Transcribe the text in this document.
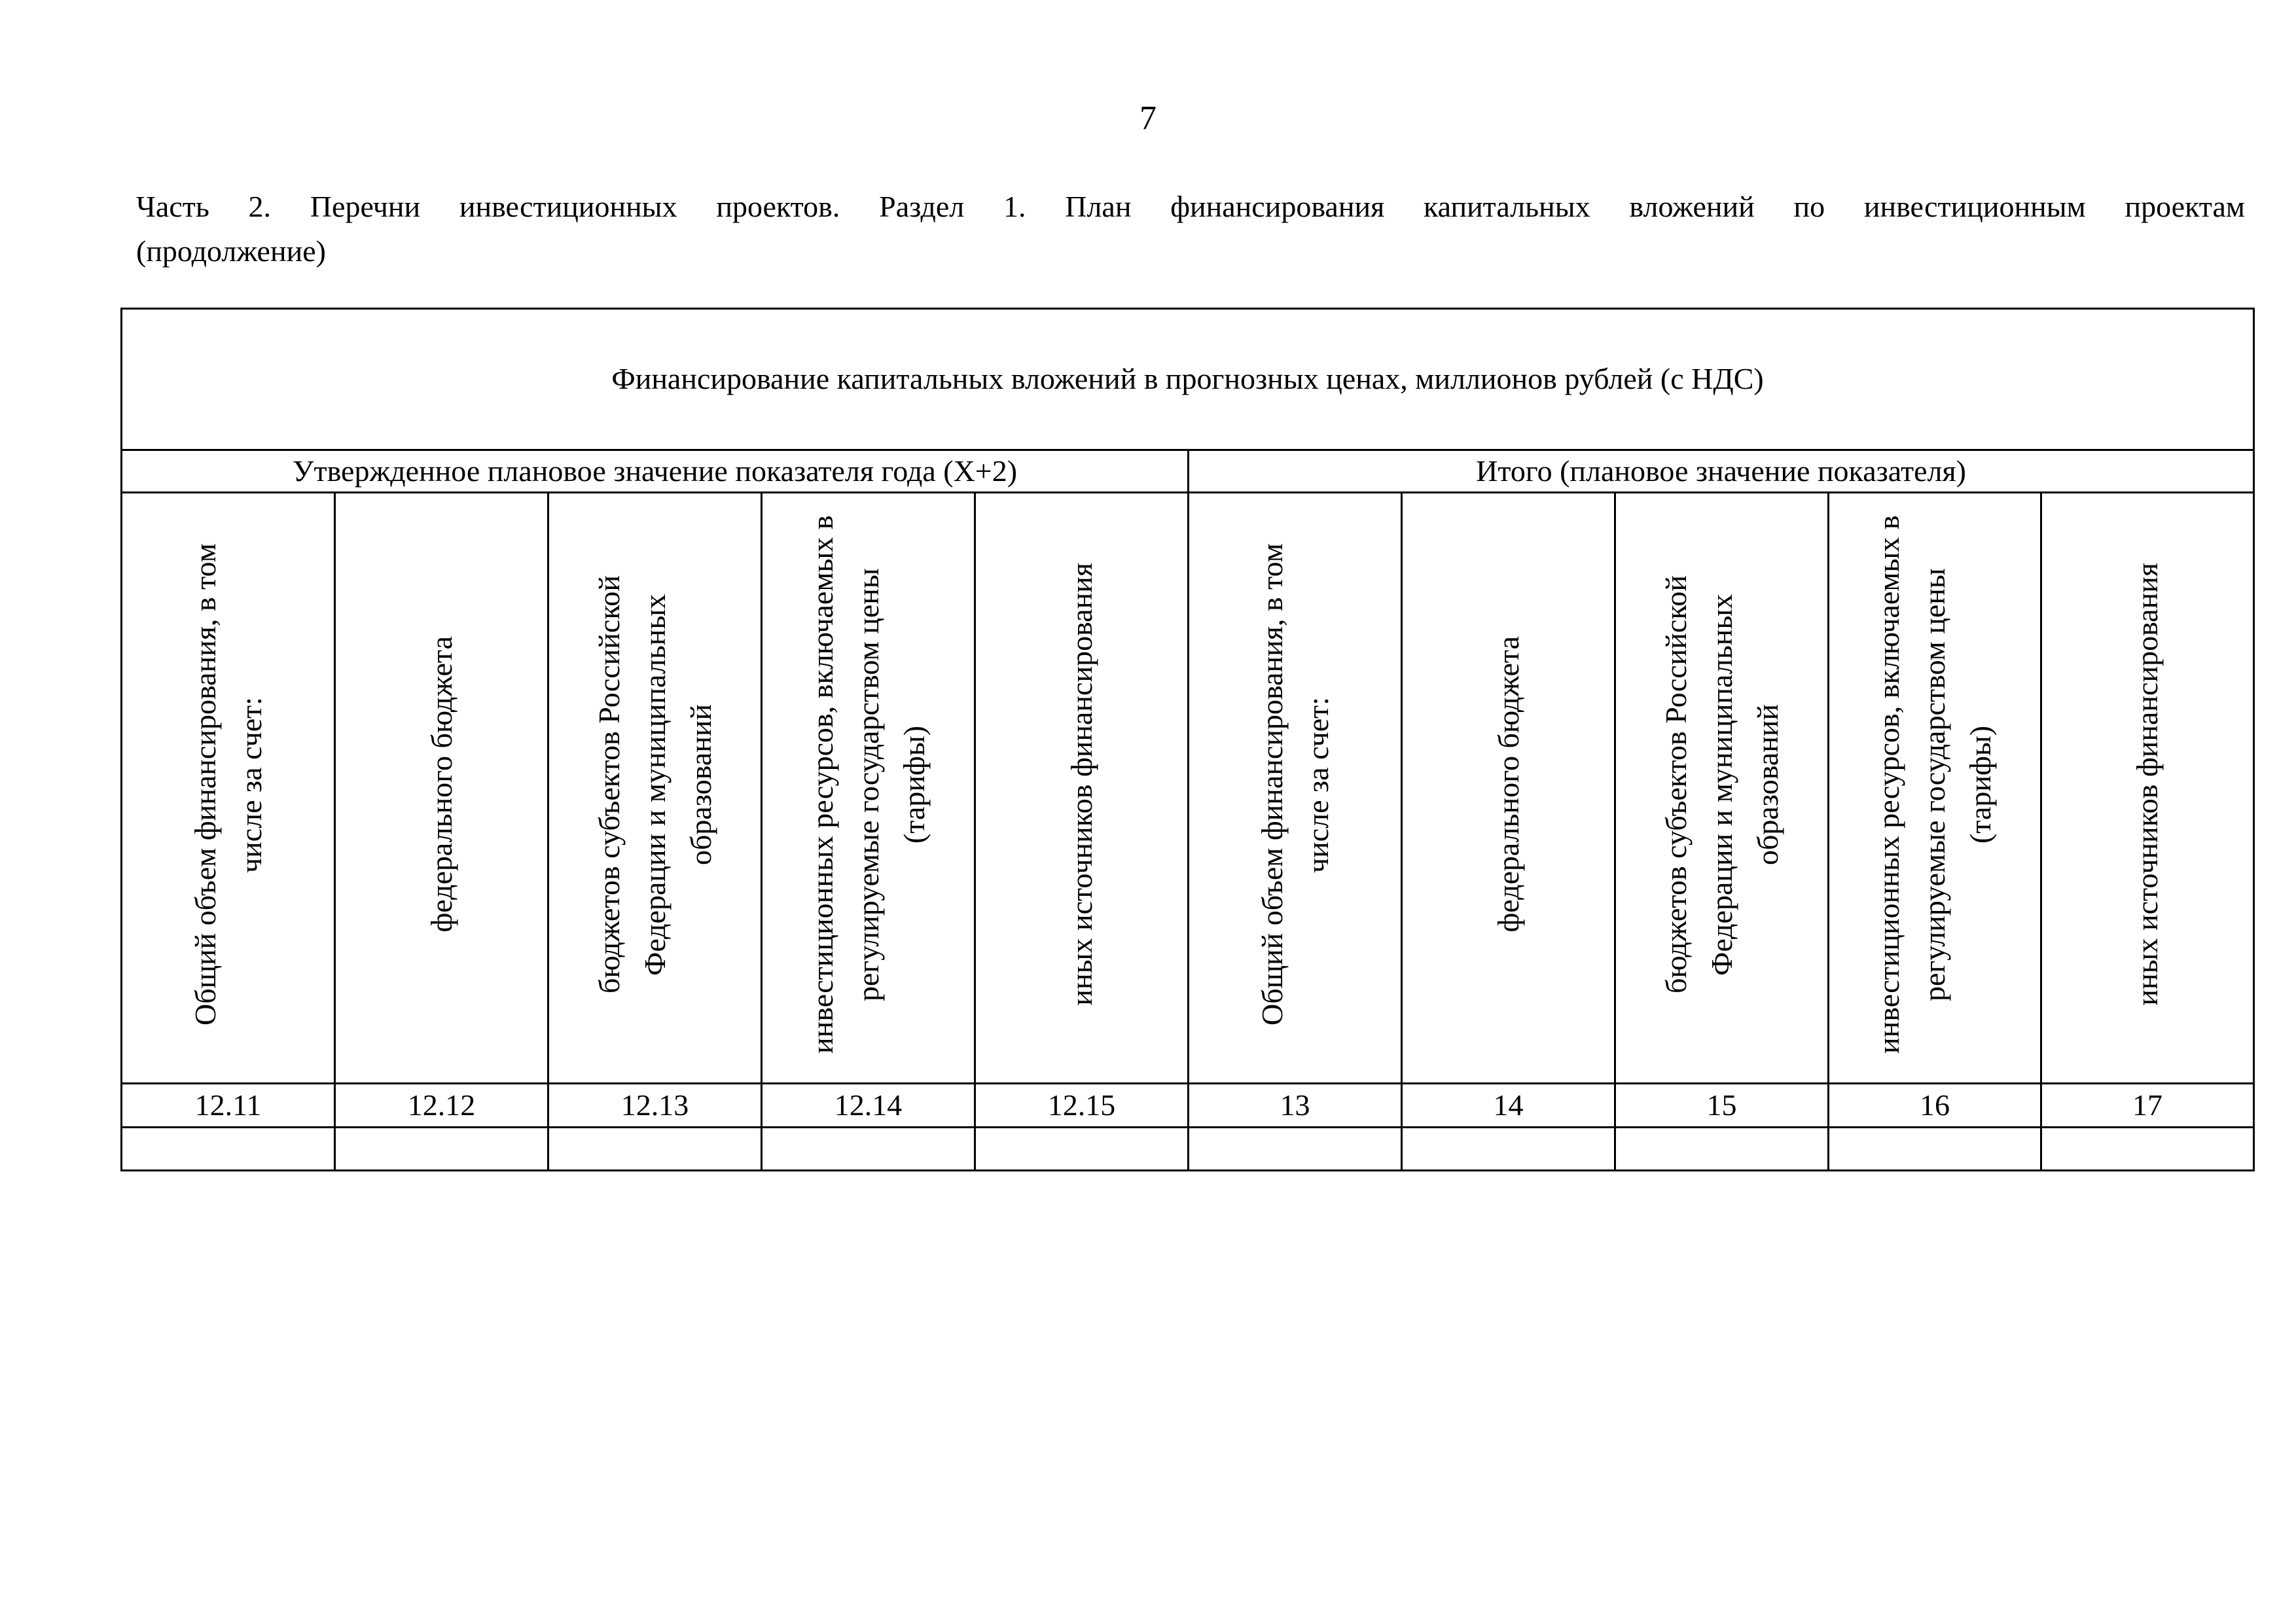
7
Часть 2. Перечни инвестиционных проектов. Раздел 1. План финансирования капитальных вложений по инвестиционным проектам
(продолжение)
Финансирование капитальных вложений в прогнозных ценах, миллионов рублей (с НДС)									
Утвержденное плановое значение показателя года (X+2)					Итого (плановое значение показателя)				
Общий объем финансирования, в том числе за счет:	федерального бюджета	бюджетов субъектов Российской Федерации и муниципальных образований	инвестиционных ресурсов, включаемых в регулируемые государством цены (тарифы)	иных источников финансирования	Общий объем финансирования, в том числе за счет:	федерального бюджета	бюджетов субъектов Российской Федерации и муниципальных образований	инвестиционных ресурсов, включаемых в регулируемые государством цены (тарифы)	иных источников финансирования
12.11	12.12	12.13	12.14	12.15	13	14	15	16	17
